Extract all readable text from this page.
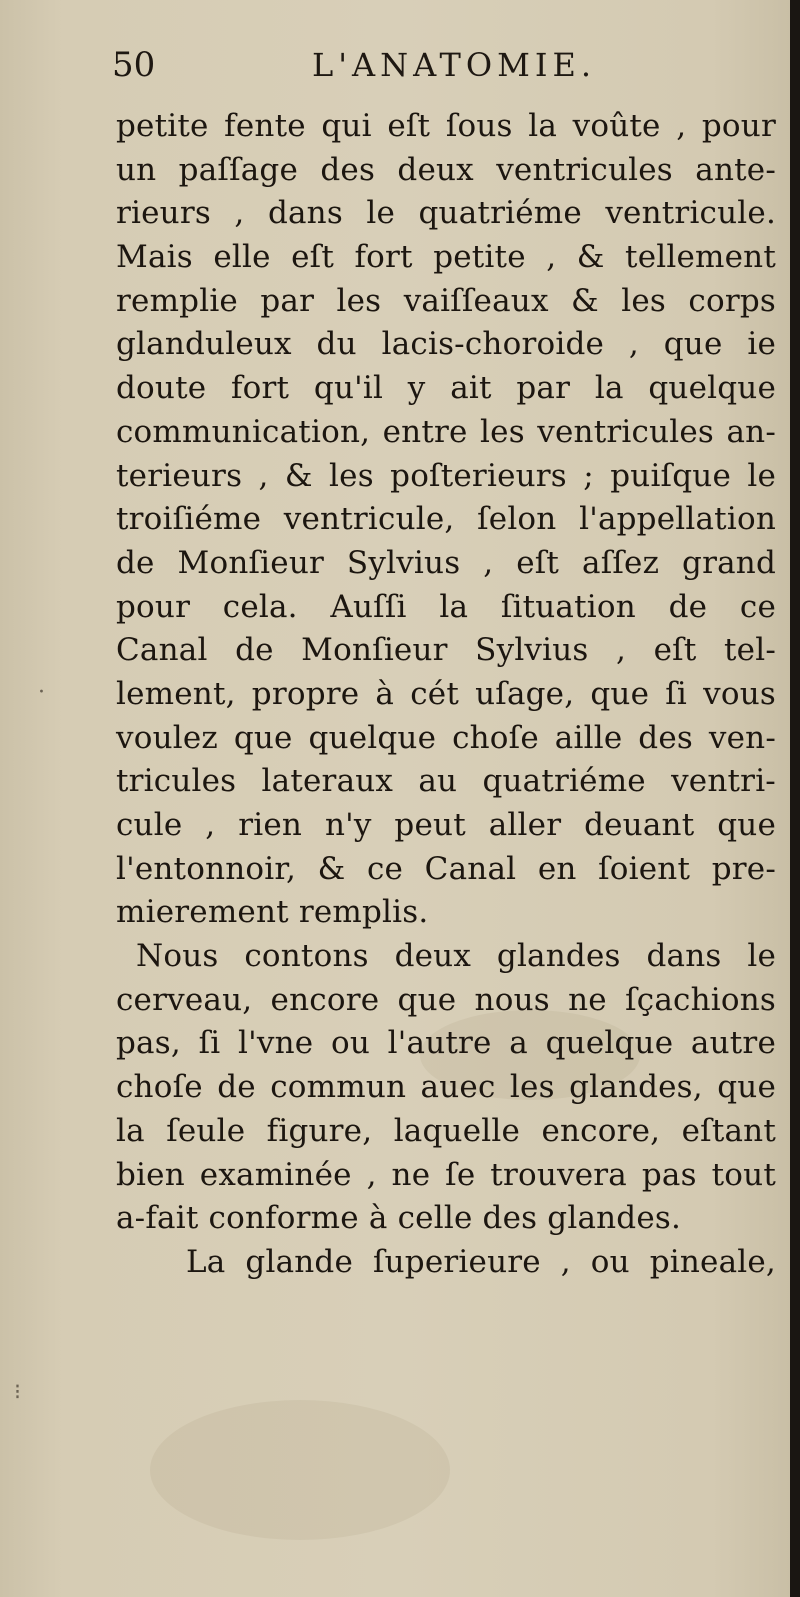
50	L'ANATOMIE.
petite fente qui eſt ſous la voûte , pour
un paſſage des deux ventricules ante-
rieurs , dans le quatriéme ventricule.
Mais elle eſt fort petite , & tellement
remplie par les vaiſſeaux & les corps
glanduleux du lacis-choroide , que ie
doute fort qu'il y ait par la quelque
communication, entre les ventricules an-
terieurs , & les poſterieurs ; puiſque le
troiſiéme ventricule, ſelon l'appellation
de Monſieur Sylvius , eſt aſſez grand
pour cela. Auſſi la ſituation de ce
Canal de Monſieur Sylvius , eſt tel-
lement, propre à cét uſage, que ſi vous
voulez que quelque choſe aille des ven-
tricules lateraux au quatriéme ventri-
cule , rien n'y peut aller deuant que
l'entonnoir, & ce Canal en ſoient pre-
mierement remplis.
Nous contons deux glandes dans le
cerveau, encore que nous ne ſçachions
pas, ſi l'vne ou l'autre a quelque autre
choſe de commun auec les glandes, que
la ſeule figure, laquelle encore, eſtant
bien examinée , ne ſe trouvera pas tout
a-fait conforme à celle des glandes.
La glande ſuperieure , ou pineale,
·
⁝
